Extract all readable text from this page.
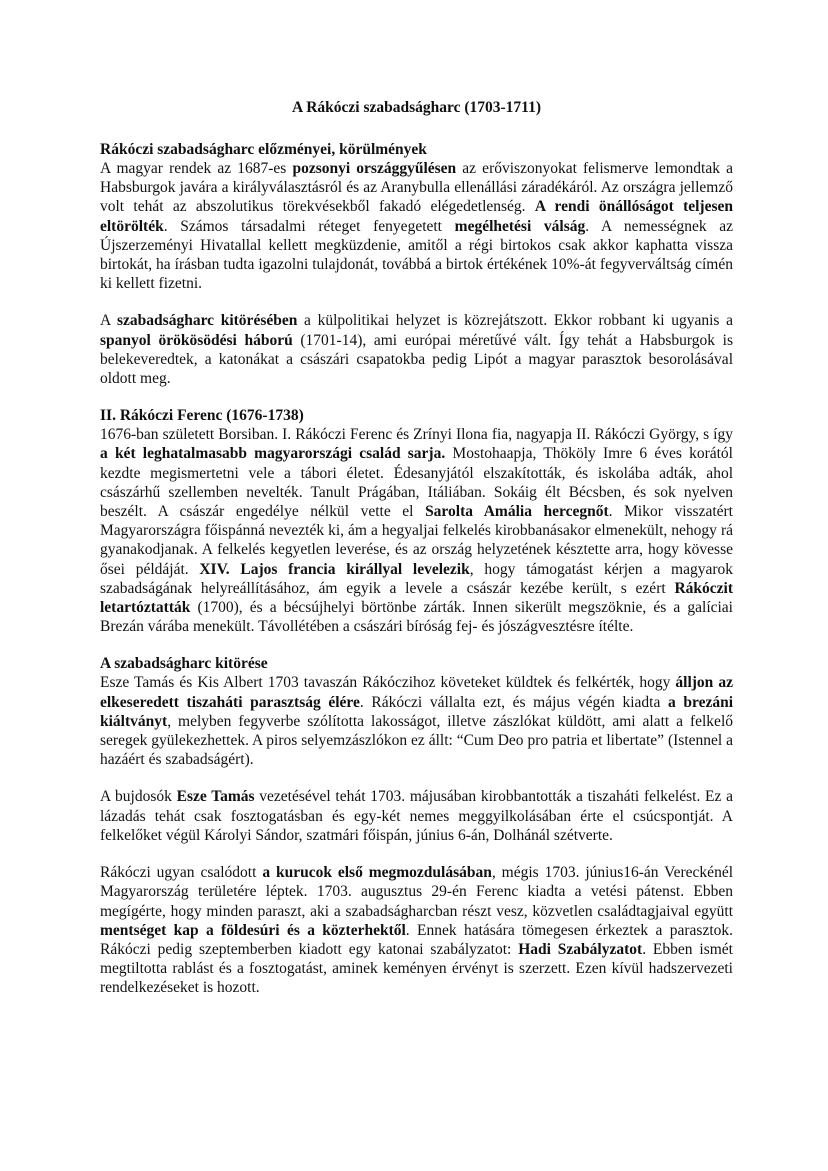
A Rákóczi szabadságharc (1703-1711)
Rákóczi szabadságharc előzményei, körülmények

A magyar rendek az 1687-es pozsonyi országgyűlésen az erőviszonyokat felismerve lemondtak a Habsburgok javára a királyválasztásról és az Aranybulla ellenállási záradékáról. Az országra jellemző volt tehát az abszolutikus törekvésekből fakadó elégedetlenség. A rendi önállóságot teljesen eltörölték. Számos társadalmi réteget fenyegetett megélhetési válság. A nemességnek az Újszerzeményi Hivatallal kellett megküzdenie, amitől a régi birtokos csak akkor kaphatta vissza birtokát, ha írásban tudta igazolni tulajdonát, továbbá a birtok értékének 10%-át fegyverváltság címén ki kellett fizetni.

A szabadságharc kitörésében a külpolitikai helyzet is közrejátszott. Ekkor robbant ki ugyanis a spanyol örökösödési háború (1701-14), ami európai méretűvé vált. Így tehát a Habsburgok is belekeveredtek, a katonákat a császári csapatokba pedig Lipót a magyar parasztok besorolásával oldott meg.

II. Rákóczi Ferenc (1676-1738)

1676-ban született Borsiban. I. Rákóczi Ferenc és Zrínyi Ilona fia, nagyapja II. Rákóczi György, s így a két leghatalmasabb magyarországi család sarja. Mostohaapja, Thököly Imre 6 éves korától kezdte megismertetni vele a tábori életet. Édesanyjától elszakították, és iskolába adták, ahol császárhű szellemben nevelték. Tanult Prágában, Itáliában. Sokáig élt Bécsben, és sok nyelven beszélt. A császár engedélye nélkül vette el Sarolta Amália hercegnőt. Mikor visszatért Magyarországra főispánná nevezték ki, ám a hegyaljai felkelés kirobbanásakor elmenekült, nehogy rá gyanakodjanak. A felkelés kegyetlen leverése, és az ország helyzetének késztette arra, hogy kövesse ősei példáját. XIV. Lajos francia királlyal levelezik, hogy támogatást kérjen a magyarok szabadságának helyreállításához, ám egyik a levele a császár kezébe került, s ezért Rákóczit letartóztatták (1700), és a bécsújhelyi börtönbe zárták. Innen sikerült megszöknie, és a galíciai Brezán várába menekült. Távollétében a császári bíróság fej- és jószágvesztésre ítélte.

A szabadságharc kitörése

Esze Tamás és Kis Albert 1703 tavaszán Rákóczihoz követeket küldtek és felkérték, hogy álljon az elkeseredett tiszaháti parasztság élére. Rákóczi vállalta ezt, és május végén kiadta a brezáni kiáltványt, melyben fegyverbe szólította lakosságot, illetve zászlókat küldött, ami alatt a felkelő seregek gyülekezhettek. A piros selyemzászlókon ez állt: “Cum Deo pro patria et libertate” (Istennel a hazáért és szabadságért).

A bujdosók Esze Tamás vezetésével tehát 1703. májusában kirobbantották a tiszaháti felkelést. Ez a lázadás tehát csak fosztogatásban és egy-két nemes meggyilkolásában érte el csúcspontját. A felkelőket végül Károlyi Sándor, szatmári főispán, június 6-án, Dolhánál szétverte.

Rákóczi ugyan csalódott a kurucok első megmozdulásában, mégis 1703. június16-án Vereckénél Magyarország területére léptek. 1703. augusztus 29-én Ferenc kiadta a vetési pátenst. Ebben megígérte, hogy minden paraszt, aki a szabadságharcban részt vesz, közvetlen családtagjaival együtt mentséget kap a földesúri és a közterhektől. Ennek hatására tömegesen érkeztek a parasztok. Rákóczi pedig szeptemberben kiadott egy katonai szabályzatot: Hadi Szabályzatot. Ebben ismét megtiltotta rablást és a fosztogatást, aminek keményen érvényt is szerzett. Ezen kívül hadszervezeti rendelkezéseket is hozott.
